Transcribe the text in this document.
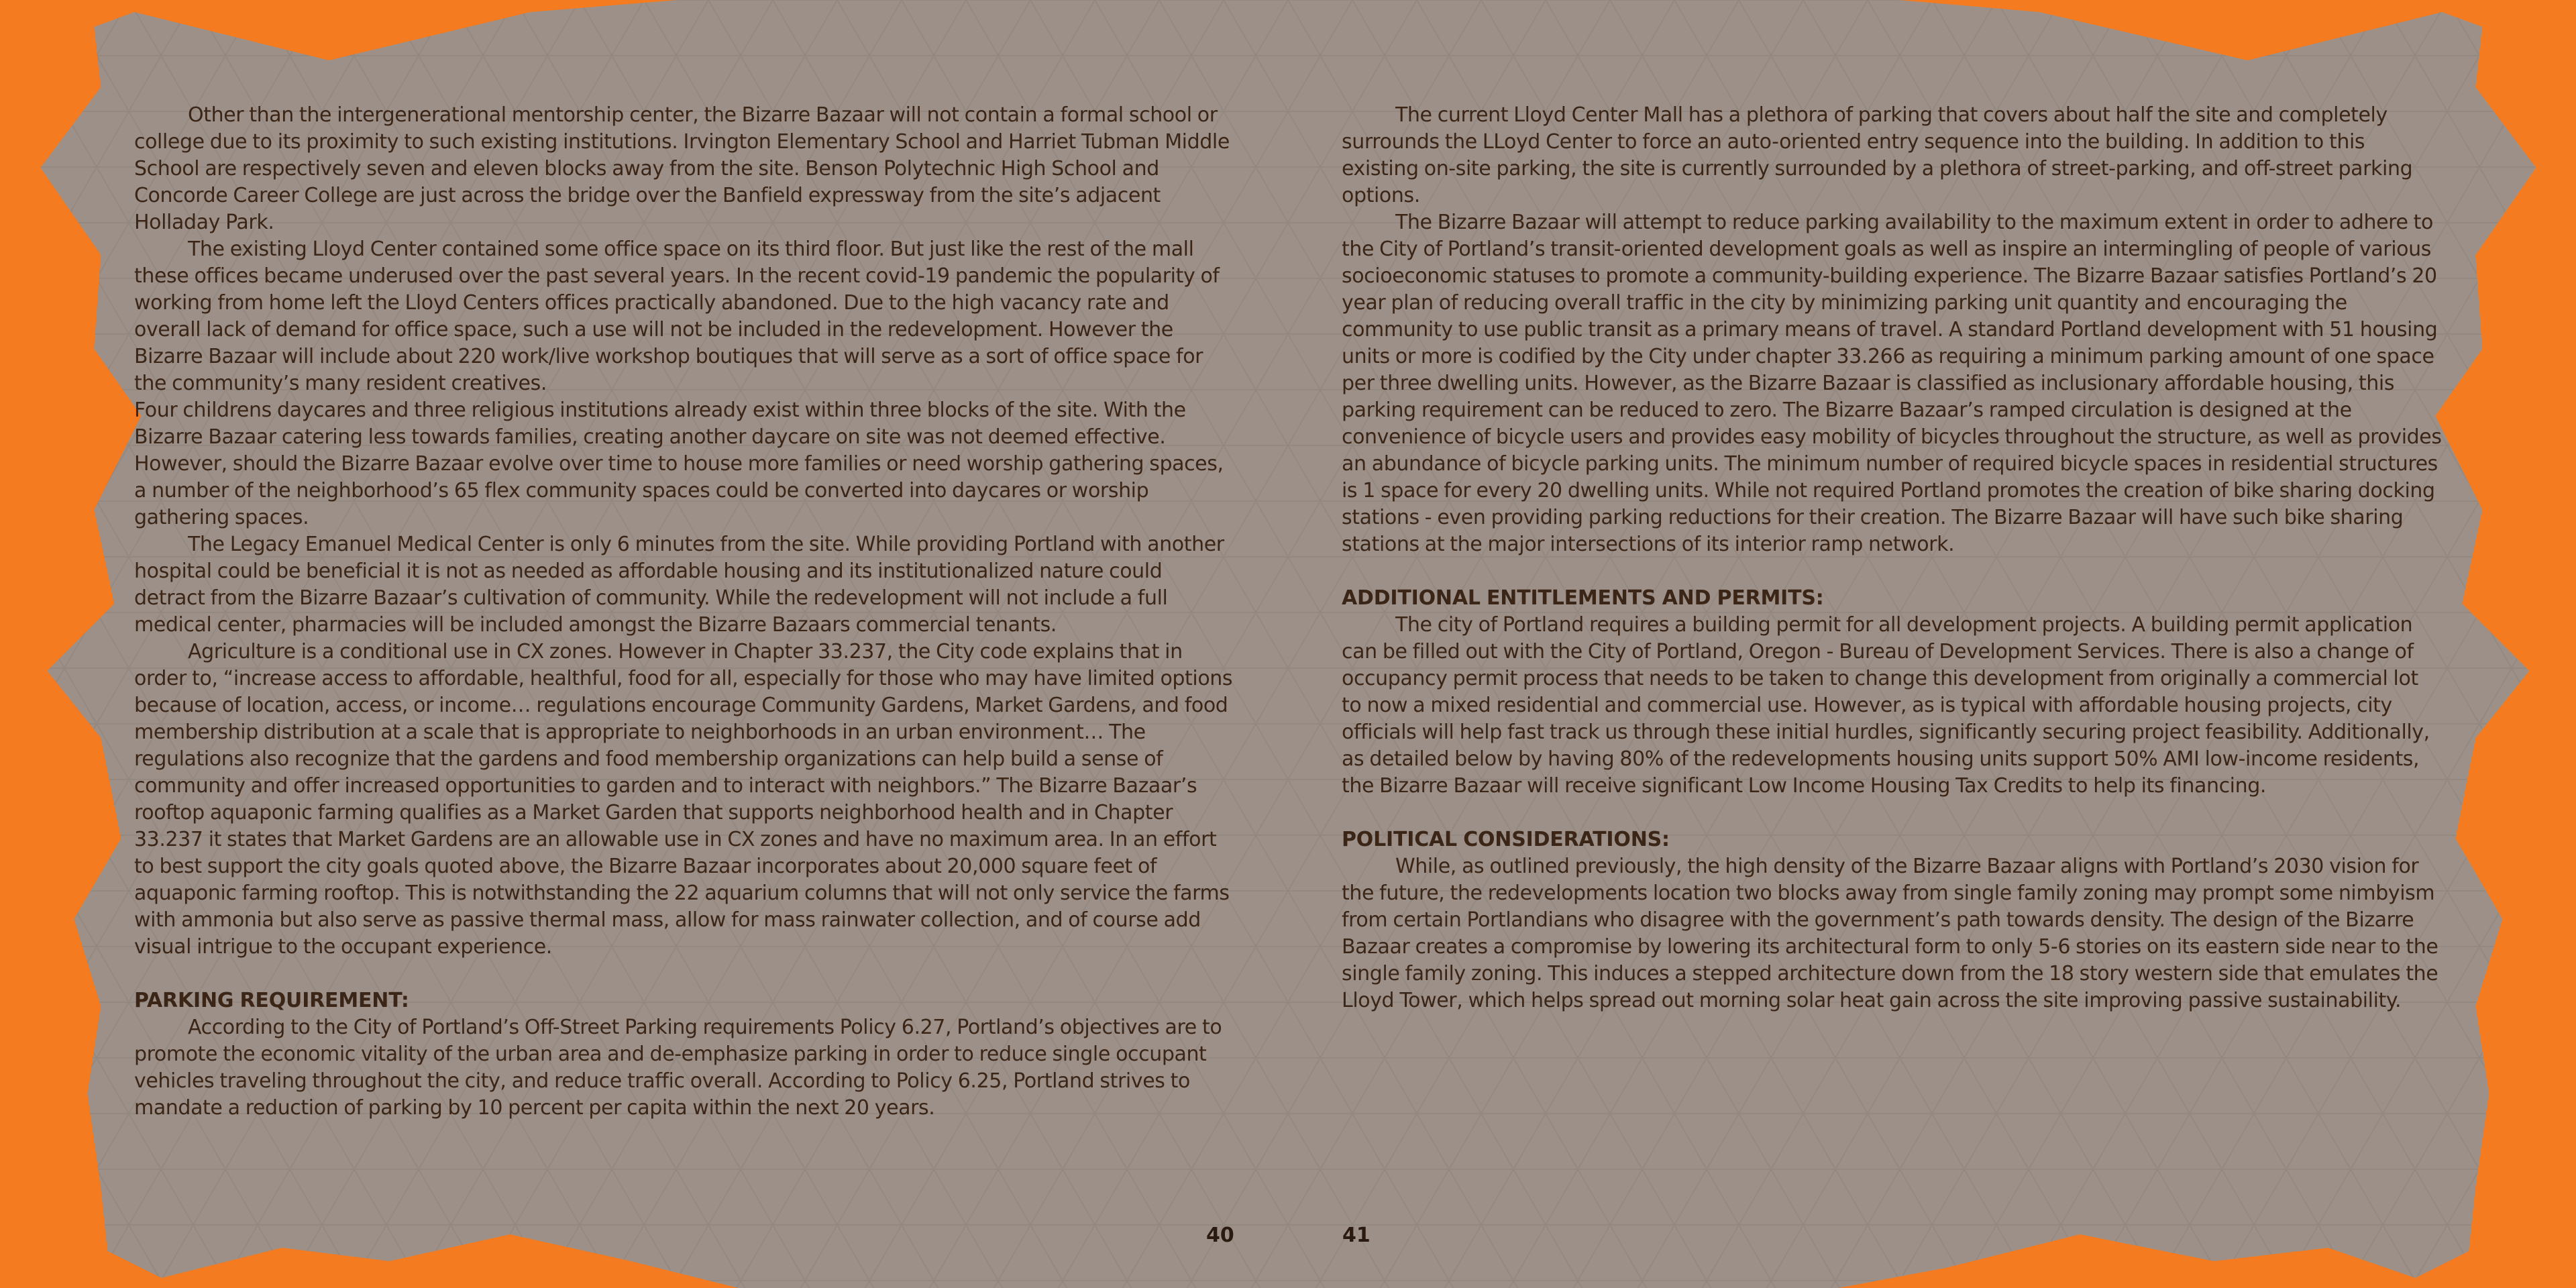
Other than the intergenerational mentorship center, the Bizarre Bazaar will not contain a formal school or college due to its proximity to such existing institutions. Irvington Elementary School and Harriet Tubman Middle School are respectively seven and eleven blocks away from the site. Benson Polytechnic High School and Concorde Career College are just across the bridge over the Banfield expressway from the site’s adjacent Holladay Park.

The existing Lloyd Center contained some office space on its third floor. But just like the rest of the mall these offices became underused over the past several years. In the recent covid-19 pandemic the popularity of working from home left the Lloyd Centers offices practically abandoned. Due to the high vacancy rate and overall lack of demand for office space, such a use will not be included in the redevelopment. However the Bizarre Bazaar will include about 220 work/live workshop boutiques that will serve as a sort of office space for the community’s many resident creatives.

Four childrens daycares and three religious institutions already exist within three blocks of the site. With the Bizarre Bazaar catering less towards families, creating another daycare on site was not deemed effective. However, should the Bizarre Bazaar evolve over time to house more families or need worship gathering spaces, a number of the neighborhood’s 65 flex community spaces could be converted into daycares or worship gathering spaces.

The Legacy Emanuel Medical Center is only 6 minutes from the site. While providing Portland with another hospital could be beneficial it is not as needed as affordable housing and its institutionalized nature could detract from the Bizarre Bazaar’s cultivation of community. While the redevelopment will not include a full medical center, pharmacies will be included amongst the Bizarre Bazaars commercial tenants.

Agriculture is a conditional use in CX zones. However in Chapter 33.237, the City code explains that in order to, “increase access to affordable, healthful, food for all, especially for those who may have limited options because of location, access, or income… regulations encourage Community Gardens, Market Gardens, and food membership distribution at a scale that is appropriate to neighborhoods in an urban environment… The regulations also recognize that the gardens and food membership organizations can help build a sense of community and offer increased opportunities to garden and to interact with neighbors.” The Bizarre Bazaar’s rooftop aquaponic farming qualifies as a Market Garden that supports neighborhood health and in Chapter 33.237 it states that Market Gardens are an allowable use in CX zones and have no maximum area. In an effort to best support the city goals quoted above, the Bizarre Bazaar incorporates about 20,000 square feet of aquaponic farming rooftop. This is notwithstanding the 22 aquarium columns that will not only service the farms with ammonia but also serve as passive thermal mass, allow for mass rainwater collection, and of course add visual intrigue to the occupant experience.

PARKING REQUIREMENT:

According to the City of Portland’s Off-Street Parking requirements Policy 6.27, Portland’s objectives are to promote the economic vitality of the urban area and de-emphasize parking in order to reduce single occupant vehicles traveling throughout the city, and reduce traffic overall. According to Policy 6.25, Portland strives to mandate a reduction of parking by 10 percent per capita within the next 20 years.

The current Lloyd Center Mall has a plethora of parking that covers about half the site and completely surrounds the LLoyd Center to force an auto-oriented entry sequence into the building. In addition to this existing on-site parking, the site is currently surrounded by a plethora of street-parking, and off-street parking options.

The Bizarre Bazaar will attempt to reduce parking availability to the maximum extent in order to adhere to the City of Portland’s transit-oriented development goals as well as inspire an intermingling of people of various socioeconomic statuses to promote a community-building experience. The Bizarre Bazaar satisfies Portland’s 20 year plan of reducing overall traffic in the city by minimizing parking unit quantity and encouraging the community to use public transit as a primary means of travel. A standard Portland development with 51 housing units or more is codified by the City under chapter 33.266 as requiring a minimum parking amount of one space per three dwelling units. However, as the Bizarre Bazaar is classified as inclusionary affordable housing, this parking requirement can be reduced to zero. The Bizarre Bazaar’s ramped circulation is designed at the convenience of bicycle users and provides easy mobility of bicycles throughout the structure, as well as provides an abundance of bicycle parking units. The minimum number of required bicycle spaces in residential structures is 1 space for every 20 dwelling units. While not required Portland promotes the creation of bike sharing docking stations - even providing parking reductions for their creation. The Bizarre Bazaar will have such bike sharing stations at the major intersections of its interior ramp network.

ADDITIONAL ENTITLEMENTS AND PERMITS:

The city of Portland requires a building permit for all development projects. A building permit application can be filled out with the City of Portland, Oregon - Bureau of Development Services. There is also a change of occupancy permit process that needs to be taken to change this development from originally a commercial lot to now a mixed residential and commercial use. However, as is typical with affordable housing projects, city officials will help fast track us through these initial hurdles, significantly securing project feasibility. Additionally, as detailed below by having 80% of the redevelopments housing units support 50% AMI low-income residents, the Bizarre Bazaar will receive significant Low Income Housing Tax Credits to help its financing.

POLITICAL CONSIDERATIONS:

While, as outlined previously, the high density of the Bizarre Bazaar aligns with Portland’s 2030 vision for the future, the redevelopments location two blocks away from single family zoning may prompt some nimbyism from certain Portlandians who disagree with the government’s path towards density. The design of the Bizarre Bazaar creates a compromise by lowering its architectural form to only 5-6 stories on its eastern side near to the single family zoning. This induces a stepped architecture down from the 18 story western side that emulates the Lloyd Tower, which helps spread out morning solar heat gain across the site improving passive sustainability.

40	41
